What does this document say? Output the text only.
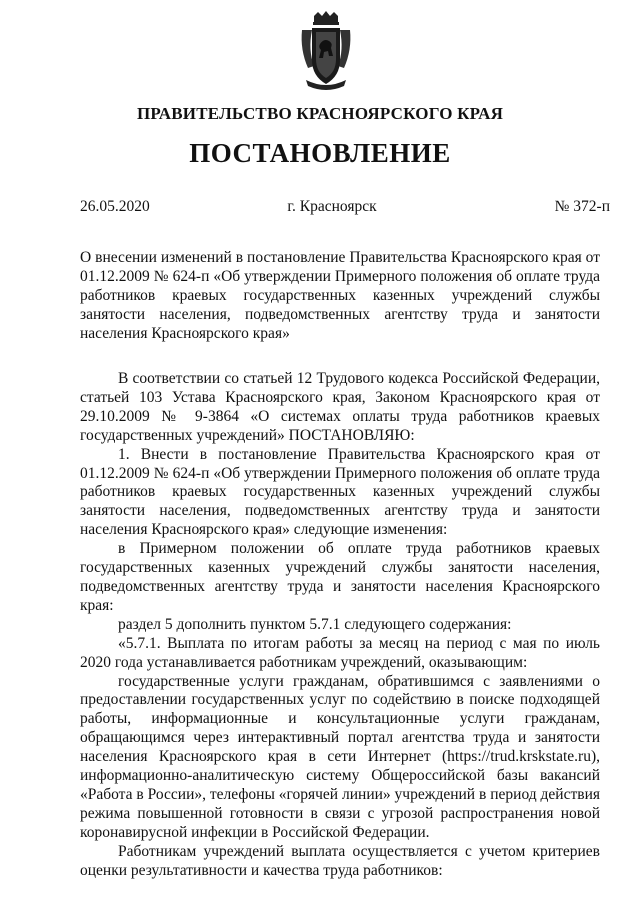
ПРАВИТЕЛЬСТВО КРАСНОЯРСКОГО КРАЯ
ПОСТАНОВЛЕНИЕ
26.05.2020	г. Красноярск	№ 372-п
О внесении изменений в постановление Правительства Красноярского края от 01.12.2009 № 624-п «Об утверждении Примерного положения об оплате труда работников краевых государственных казенных учреждений службы занятости населения, подведомственных агентству труда и занятости населения Красноярского края»

В соответствии со статьей 12 Трудового кодекса Российской Федерации, статьей 103 Устава Красноярского края, Законом Красноярского края от 29.10.2009 № 9-3864 «О системах оплаты труда работников краевых государственных учреждений» ПОСТАНОВЛЯЮ:

1. Внести в постановление Правительства Красноярского края от 01.12.2009 № 624-п «Об утверждении Примерного положения об оплате труда работников краевых государственных казенных учреждений службы занятости населения, подведомственных агентству труда и занятости населения Красноярского края» следующие изменения:

в Примерном положении об оплате труда работников краевых государственных казенных учреждений службы занятости населения, подведомственных агентству труда и занятости населения Красноярского края:

раздел 5 дополнить пунктом 5.7.1 следующего содержания:

«5.7.1. Выплата по итогам работы за месяц на период с мая по июль 2020 года устанавливается работникам учреждений, оказывающим:

государственные услуги гражданам, обратившимся с заявлениями о предоставлении государственных услуг по содействию в поиске подходящей работы, информационные и консультационные услуги гражданам, обращающимся через интерактивный портал агентства труда и занятости населения Красноярского края в сети Интернет (https://trud.krskstate.ru), информационно-аналитическую систему Общероссийской базы вакансий «Работа в России», телефоны «горячей линии» учреждений в период действия режима повышенной готовности в связи с угрозой распространения новой коронавирусной инфекции в Российской Федерации.

Работникам учреждений выплата осуществляется с учетом критериев оценки результативности и качества труда работников:
